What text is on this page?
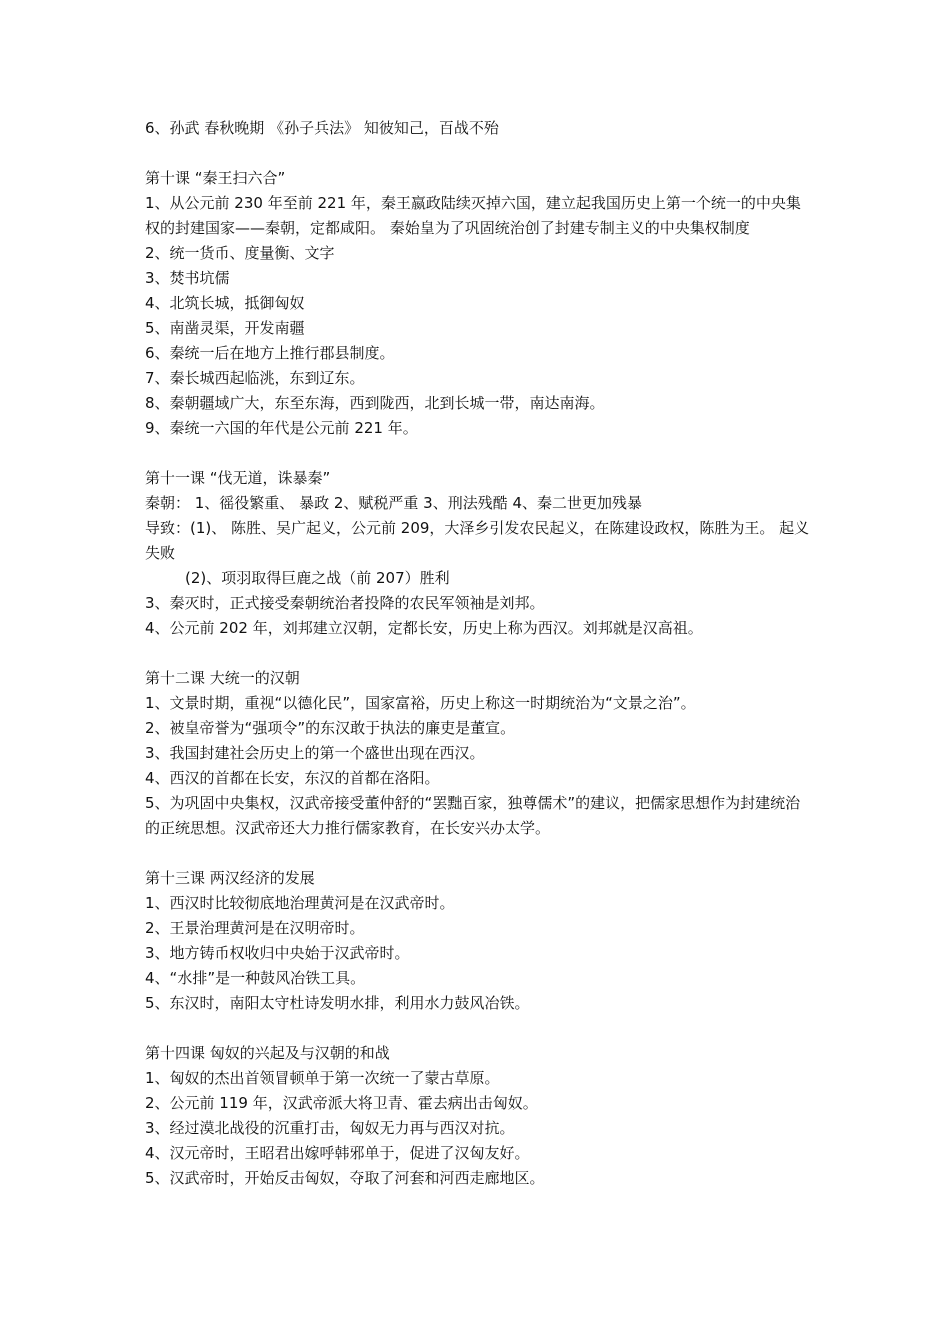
6、孙武 春秋晚期 《孙子兵法》 知彼知己，百战不殆

第十课 “秦王扫六合”

1、从公元前 230 年至前 221 年，秦王嬴政陆续灭掉六国，建立起我国历史上第一个统一的中央集权的封建国家——秦朝，定都咸阳。 秦始皇为了巩固统治创了封建专制主义的中央集权制度

2、统一货币、度量衡、文字

3、焚书坑儒

4、北筑长城，抵御匈奴

5、南凿灵渠，开发南疆

6、秦统一后在地方上推行郡县制度。

7、秦长城西起临洮，东到辽东。

8、秦朝疆域广大，东至东海，西到陇西，北到长城一带，南达南海。

9、秦统一六国的年代是公元前 221 年。

第十一课 “伐无道，诛暴秦”

秦朝： 1、徭役繁重、 暴政 2、赋税严重 3、刑法残酷 4、秦二世更加残暴

导致：(1)、 陈胜、吴广起义，公元前 209，大泽乡引发农民起义，在陈建设政权，陈胜为王。 起义失败

(2)、项羽取得巨鹿之战（前 207）胜利

3、秦灭时，正式接受秦朝统治者投降的农民军领袖是刘邦。

4、公元前 202 年，刘邦建立汉朝，定都长安，历史上称为西汉。刘邦就是汉高祖。

第十二课 大统一的汉朝

1、文景时期，重视“以德化民”，国家富裕，历史上称这一时期统治为“文景之治”。

2、被皇帝誉为“强项令”的东汉敢于执法的廉吏是董宣。

3、我国封建社会历史上的第一个盛世出现在西汉。

4、西汉的首都在长安，东汉的首都在洛阳。

5、为巩固中央集权，汉武帝接受董仲舒的“罢黜百家，独尊儒术”的建议，把儒家思想作为封建统治的正统思想。汉武帝还大力推行儒家教育，在长安兴办太学。

第十三课 两汉经济的发展

1、西汉时比较彻底地治理黄河是在汉武帝时。

2、王景治理黄河是在汉明帝时。

3、地方铸币权收归中央始于汉武帝时。

4、“水排”是一种鼓风冶铁工具。

5、东汉时，南阳太守杜诗发明水排，利用水力鼓风冶铁。

第十四课 匈奴的兴起及与汉朝的和战

1、匈奴的杰出首领冒顿单于第一次统一了蒙古草原。

2、公元前 119 年，汉武帝派大将卫青、霍去病出击匈奴。

3、经过漠北战役的沉重打击，匈奴无力再与西汉对抗。

4、汉元帝时，王昭君出嫁呼韩邪单于，促进了汉匈友好。

5、汉武帝时，开始反击匈奴，夺取了河套和河西走廊地区。
